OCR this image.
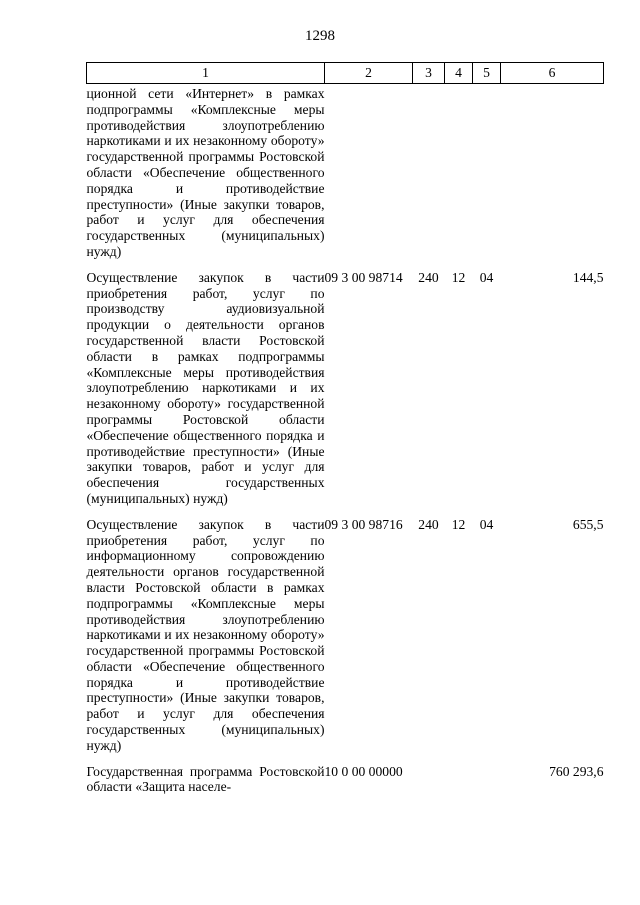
1298
1	2	3	4	5	6
ционной сети «Интернет» в рамках подпрограммы «Комплексные меры противодействия злоупотреблению наркотиками и их незаконному обороту» государственной программы Ростовской области «Обеспечение общественного порядка и противодействие преступности» (Иные закупки товаров, работ и услуг для обеспечения государственных (муниципальных) нужд)					
Осуществление закупок в части приобретения работ, услуг по производству аудиовизуальной продукции о деятельности органов государственной власти Ростовской области в рамках подпрограммы «Комплексные меры противодействия злоупотреблению наркотиками и их незаконному обороту» государственной программы Ростовской области «Обеспечение общественного порядка и противодействие преступности» (Иные закупки товаров, работ и услуг для обеспечения государственных (муниципальных) нужд)	09 3 00 98714	240	12	04	144,5
Осуществление закупок в части приобретения работ, услуг по информационному сопровождению деятельности органов государственной власти Ростовской области в рамках подпрограммы «Комплексные меры противодействия злоупотреблению наркотиками и их незаконному обороту» государственной программы Ростовской области «Обеспечение общественного порядка и противодействие преступности» (Иные закупки товаров, работ и услуг для обеспечения государственных (муниципальных) нужд)	09 3 00 98716	240	12	04	655,5
Государственная программа Ростовской области «Защита населе-	10 0 00 00000				760 293,6
